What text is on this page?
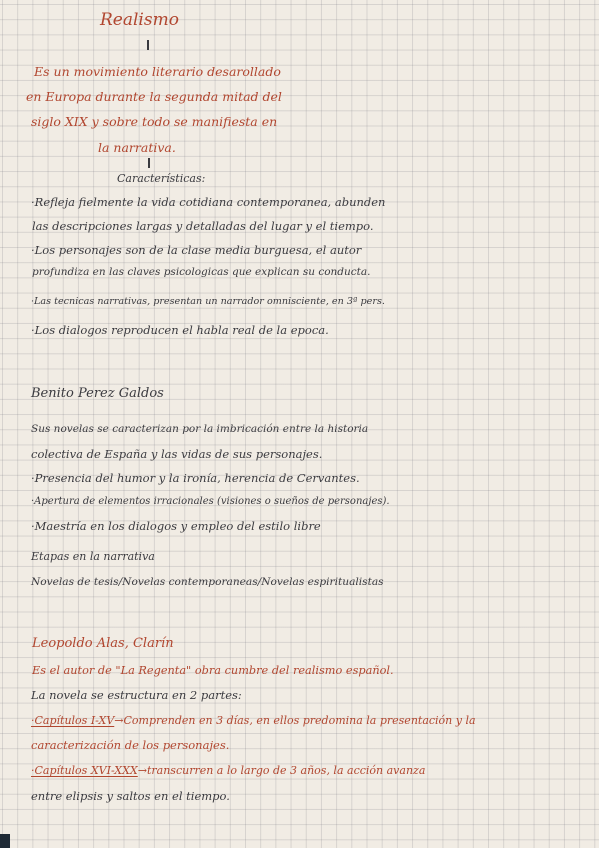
Realismo
Es un movimiento literario desarollado
en Europa durante la segunda mitad del
siglo XIX y sobre todo se manifiesta en
la narrativa.
Características:
·Refleja fielmente la vida cotidiana contemporanea, abunden
las descripciones largas y detalladas del lugar y el tiempo.
·Los personajes son de la clase media burguesa, el autor
profundiza en las claves psicologicas que explican su conducta.
·Las tecnicas narrativas, presentan un narrador omnisciente, en 3ª pers.
·Los dialogos reproducen el habla real de la epoca.
Benito Perez Galdos
Sus novelas se caracterizan por la imbricación entre la historia
colectiva de España y las vidas de sus personajes.
·Presencia del humor y la ironía, herencia de Cervantes.
·Apertura de elementos irracionales (visiones o sueños de personajes).
·Maestría en los dialogos y empleo del estilo libre
Etapas en la narrativa
Novelas de tesis/Novelas contemporaneas/Novelas espiritualistas
Leopoldo Alas, Clarín
Es el autor de "La Regenta" obra cumbre del realismo español.
La novela se estructura en 2 partes:
·Capítulos I-XV→Comprenden en 3 días, en ellos predomina la presentación y la
caracterización de los personajes.
·Capítulos XVI-XXX→transcurren a lo largo de 3 años, la acción avanza
entre elipsis y saltos en el tiempo.
